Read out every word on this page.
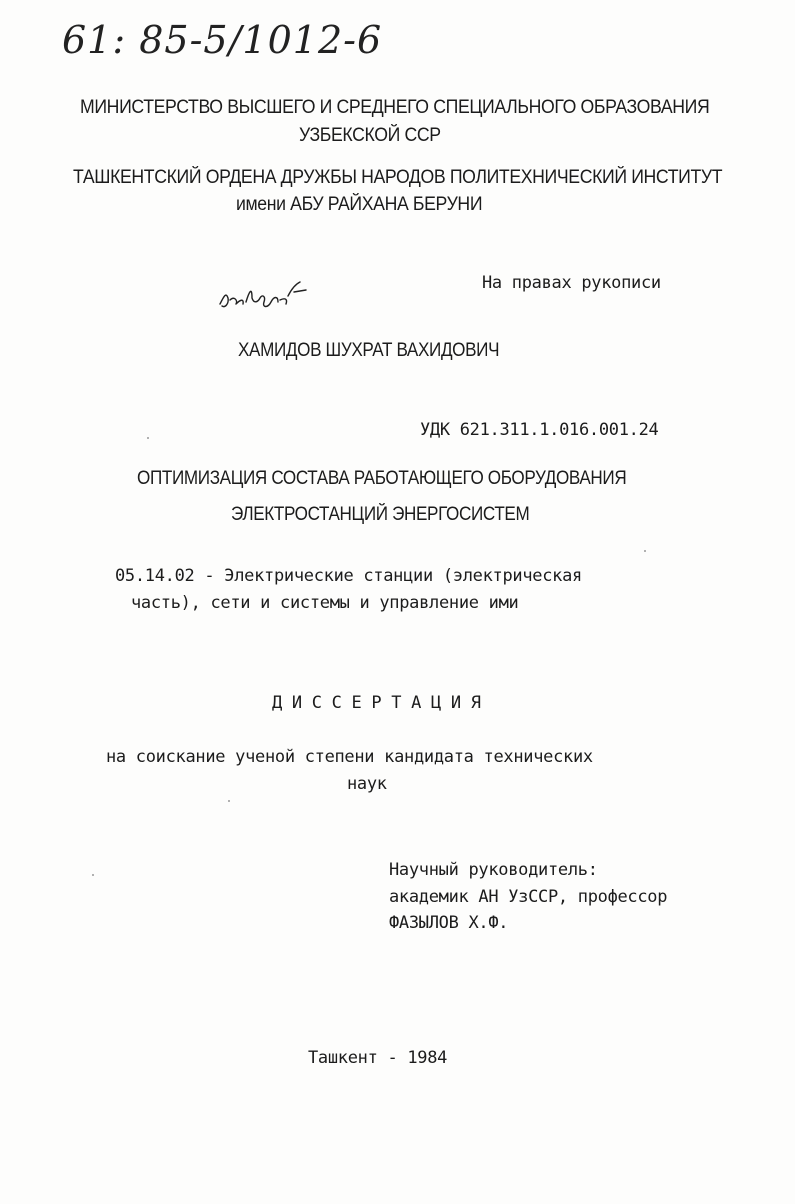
61: 85-5/1012-6
МИНИСТЕРСТВО ВЫСШЕГО И СРЕДНЕГО СПЕЦИАЛЬНОГО ОБРАЗОВАНИЯ
УЗБЕКСКОЙ ССР
ТАШКЕНТСКИЙ ОРДЕНА ДРУЖБЫ НАРОДОВ ПОЛИТЕХНИЧЕСКИЙ ИНСТИТУТ
имени АБУ РАЙХАНА БЕРУНИ
На правах рукописи
ХАМИДОВ ШУХРАТ ВАХИДОВИЧ
УДК 621.311.1.016.001.24
ОПТИМИЗАЦИЯ СОСТАВА РАБОТАЮЩЕГО ОБОРУДОВАНИЯ
ЭЛЕКТРОСТАНЦИЙ ЭНЕРГОСИСТЕМ
05.14.02 - Электрические станции (электрическая
часть), сети и системы и управление ими
Д И С С Е Р Т А Ц И Я
на соискание ученой степени кандидата технических
наук
Научный руководитель:
академик АН УзССР, профессор
ФАЗЫЛОВ Х.Ф.
Ташкент - 1984
